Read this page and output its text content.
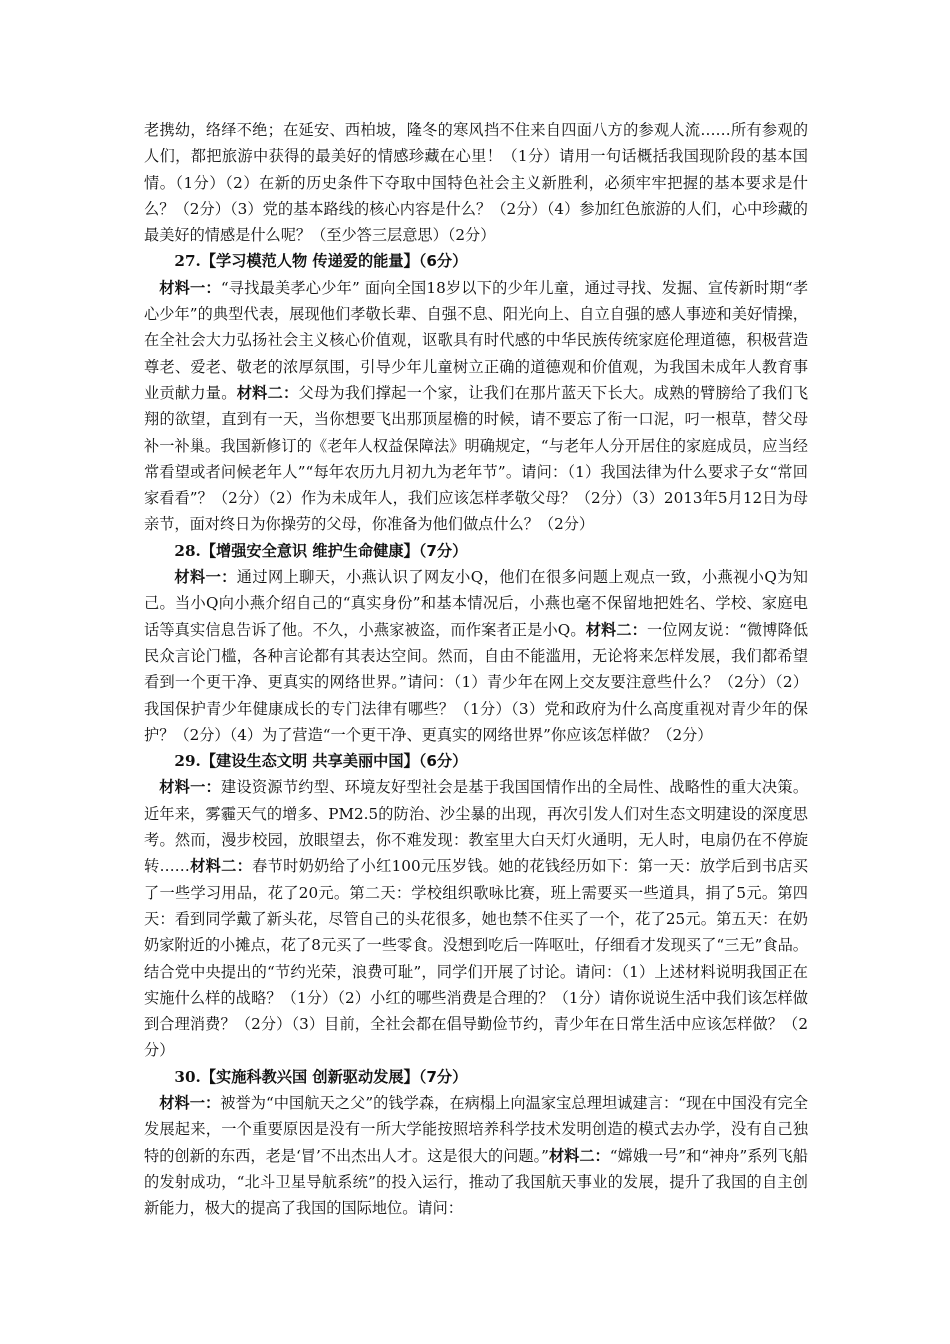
老携幼，络绎不绝；在延安、西柏坡，隆冬的寒风挡不住来自四面八方的参观人流……所有参观的人们，都把旅游中获得的最美好的情感珍藏在心里！（1分）请用一句话概括我国现阶段的基本国情。（1分）（2）在新的历史条件下夺取中国特色社会主义新胜利，必须牢牢把握的基本要求是什么？（2分）（3）党的基本路线的核心内容是什么？（2分）（4）参加红色旅游的人们，心中珍藏的最美好的情感是什么呢？（至少答三层意思）（2分）

27.【学习模范人物 传递爱的能量】（6分）

材料一：“寻找最美孝心少年” 面向全国18岁以下的少年儿童，通过寻找、发掘、宣传新时期“孝心少年”的典型代表，展现他们孝敬长辈、自强不息、阳光向上、自立自强的感人事迹和美好情操，在全社会大力弘扬社会主义核心价值观，讴歌具有时代感的中华民族传统家庭伦理道德，积极营造尊老、爱老、敬老的浓厚氛围，引导少年儿童树立正确的道德观和价值观，为我国未成年人教育事业贡献力量。材料二：父母为我们撑起一个家，让我们在那片蓝天下长大。成熟的臂膀给了我们飞翔的欲望，直到有一天，当你想要飞出那顶屋檐的时候，请不要忘了衔一口泥，叼一根草，替父母补一补巢。我国新修订的《老年人权益保障法》明确规定，“与老年人分开居住的家庭成员，应当经常看望或者问候老年人”“每年农历九月初九为老年节”。请问：（1）我国法律为什么要求子女“常回家看看”？（2分）（2）作为未成年人，我们应该怎样孝敬父母？（2分）（3）2013年5月12日为母亲节，面对终日为你操劳的父母，你准备为他们做点什么？（2分）

28.【增强安全意识 维护生命健康】（7分）

材料一：通过网上聊天，小燕认识了网友小Q，他们在很多问题上观点一致，小燕视小Q为知己。当小Q向小燕介绍自己的“真实身份”和基本情况后，小燕也毫不保留地把姓名、学校、家庭电话等真实信息告诉了他。不久，小燕家被盗，而作案者正是小Q。材料二：一位网友说：“微博降低民众言论门槛，各种言论都有其表达空间。然而，自由不能滥用，无论将来怎样发展，我们都希望看到一个更干净、更真实的网络世界。”请问：（1）青少年在网上交友要注意些什么？（2分）（2）我国保护青少年健康成长的专门法律有哪些？（1分）（3）党和政府为什么高度重视对青少年的保护？（2分）（4）为了营造“一个更干净、更真实的网络世界”你应该怎样做？（2分）

29.【建设生态文明 共享美丽中国】（6分）

材料一：建设资源节约型、环境友好型社会是基于我国国情作出的全局性、战略性的重大决策。近年来，雾霾天气的增多、PM2.5的防治、沙尘暴的出现，再次引发人们对生态文明建设的深度思考。然而，漫步校园，放眼望去，你不难发现：教室里大白天灯火通明，无人时，电扇仍在不停旋转……材料二：春节时奶奶给了小红100元压岁钱。她的花钱经历如下：第一天：放学后到书店买了一些学习用品，花了20元。第二天：学校组织歌咏比赛，班上需要买一些道具，捐了5元。第四天：看到同学戴了新头花，尽管自己的头花很多，她也禁不住买了一个，花了25元。第五天：在奶奶家附近的小摊点，花了8元买了一些零食。没想到吃后一阵呕吐，仔细看才发现买了“三无”食品。结合党中央提出的“节约光荣，浪费可耻”，同学们开展了讨论。请问：（1）上述材料说明我国正在实施什么样的战略？（1分）（2）小红的哪些消费是合理的？（1分）请你说说生活中我们该怎样做到合理消费？（2分）（3）目前，全社会都在倡导勤俭节约，青少年在日常生活中应该怎样做？（2分）

30.【实施科教兴国 创新驱动发展】（7分）

材料一：被誉为“中国航天之父”的钱学森，在病榻上向温家宝总理坦诚建言：“现在中国没有完全发展起来，一个重要原因是没有一所大学能按照培养科学技术发明创造的模式去办学，没有自己独特的创新的东西，老是‘冒’不出杰出人才。这是很大的问题。”材料二：“嫦娥一号”和“神舟”系列飞船的发射成功，“北斗卫星导航系统”的投入运行，推动了我国航天事业的发展，提升了我国的自主创新能力，极大的提高了我国的国际地位。请问：
